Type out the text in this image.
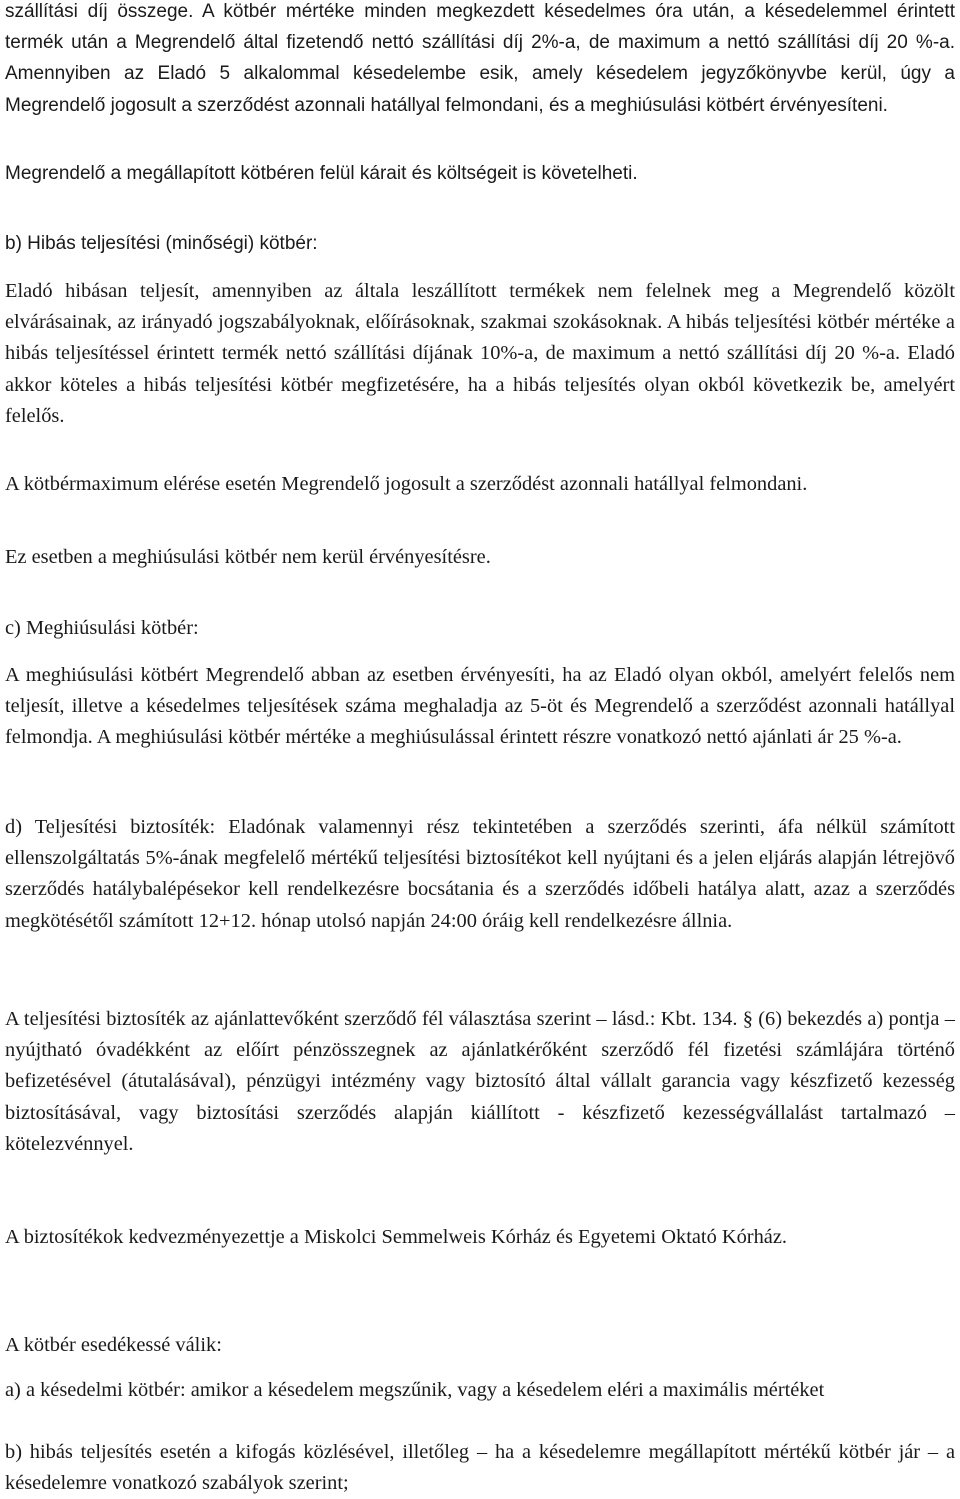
szállítási díj összege. A kötbér mértéke minden megkezdett késedelmes óra után, a késedelemmel érintett termék után a Megrendelő által fizetendő nettó szállítási díj 2%-a, de maximum a nettó szállítási díj 20 %-a. Amennyiben az Eladó 5 alkalommal késedelembe esik, amely késedelem jegyzőkönyvbe kerül, úgy a Megrendelő jogosult a szerződést azonnali hatállyal felmondani, és a meghiúsulási kötbért érvényesíteni.

Megrendelő a megállapított kötbéren felül kárait és költségeit is követelheti.

b) Hibás teljesítési (minőségi) kötbér:

Eladó hibásan teljesít, amennyiben az általa leszállított termékek nem felelnek meg a Megrendelő közölt elvárásainak, az irányadó jogszabályoknak, előírásoknak, szakmai szokásoknak. A hibás teljesítési kötbér mértéke a hibás teljesítéssel érintett termék nettó szállítási díjának 10%-a, de maximum a nettó szállítási díj 20 %-a. Eladó akkor köteles a hibás teljesítési kötbér megfizetésére, ha a hibás teljesítés olyan okból következik be, amelyért felelős.

A kötbérmaximum elérése esetén Megrendelő jogosult a szerződést azonnali hatállyal felmondani.

Ez esetben a meghiúsulási kötbér nem kerül érvényesítésre.

c) Meghiúsulási kötbér:

A meghiúsulási kötbért Megrendelő abban az esetben érvényesíti, ha az Eladó olyan okból, amelyért felelős nem teljesít, illetve a késedelmes teljesítések száma meghaladja az 5-öt és Megrendelő a szerződést azonnali hatállyal felmondja. A meghiúsulási kötbér mértéke a meghiúsulással érintett részre vonatkozó nettó ajánlati ár 25 %-a.

d) Teljesítési biztosíték: Eladónak valamennyi rész tekintetében a szerződés szerinti, áfa nélkül számított ellenszolgáltatás 5%-ának megfelelő mértékű teljesítési biztosítékot kell nyújtani és a jelen eljárás alapján létrejövő szerződés hatálybalépésekor kell rendelkezésre bocsátania és a szerződés időbeli hatálya alatt, azaz a szerződés megkötésétől számított 12+12. hónap utolsó napján 24:00 óráig kell rendelkezésre állnia.

A teljesítési biztosíték az ajánlattevőként szerződő fél választása szerint – lásd.: Kbt. 134. § (6) bekezdés a) pontja – nyújtható óvadékként az előírt pénzösszegnek az ajánlatkérőként szerződő fél fizetési számlájára történő befizetésével (átutalásával), pénzügyi intézmény vagy biztosító által vállalt garancia vagy készfizető kezesség biztosításával, vagy biztosítási szerződés alapján kiállított - készfizető kezességvállalást tartalmazó – kötelezvénnyel.

A biztosítékok kedvezményezettje a Miskolci Semmelweis Kórház és Egyetemi Oktató Kórház.

A kötbér esedékessé válik:

a) a késedelmi kötbér: amikor a késedelem megszűnik, vagy a késedelem eléri a maximális mértéket

b) hibás teljesítés esetén a kifogás közlésével, illetőleg – ha a késedelemre megállapított mértékű kötbér jár – a késedelemre vonatkozó szabályok szerint;
